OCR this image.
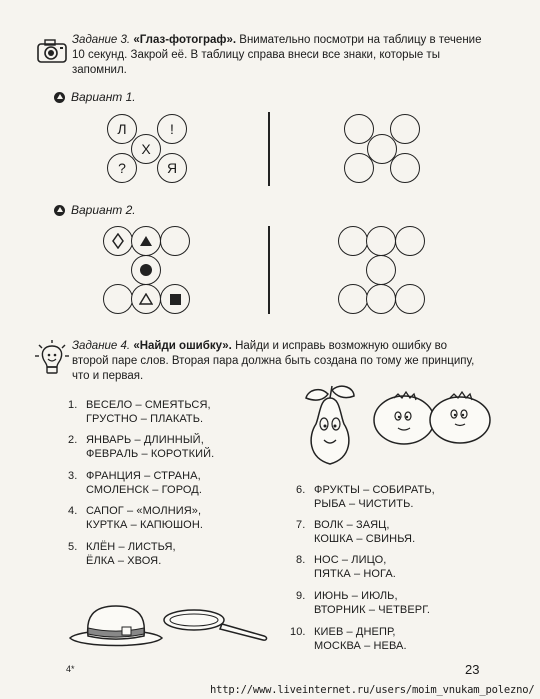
Задание 3. «Глаз-фотограф». Внимательно посмотри на таблицу в течение
10 секунд. Закрой её. В таблицу справа внеси все знаки, которые ты
запомнил.
Вариант 1.
Л	!
Х
?	Я
Вариант 2.
Задание 4. «Найди ошибку». Найди и исправь возможную ошибку во
второй паре слов. Вторая пара должна быть создана по тому же принципу,
что и первая.
1. ВЕСЕЛО – СМЕЯТЬСЯ,
ГРУСТНО – ПЛАКАТЬ.
2. ЯНВАРЬ – ДЛИННЫЙ,
ФЕВРАЛЬ – КОРОТКИЙ.
3. ФРАНЦИЯ – СТРАНА,
СМОЛЕНСК – ГОРОД.
4. САПОГ – «МОЛНИЯ»,
КУРТКА – КАПЮШОН.
5. КЛЁН – ЛИСТЬЯ,
ЁЛКА – ХВОЯ.
6. ФРУКТЫ – СОБИРАТЬ,
РЫБА – ЧИСТИТЬ.
7. ВОЛК – ЗАЯЦ,
КОШКА – СВИНЬЯ.
8. НОС – ЛИЦО,
ПЯТКА – НОГА.
9. ИЮНЬ – ИЮЛЬ,
ВТОРНИК – ЧЕТВЕРГ.
10. КИЕВ – ДНЕПР,
МОСКВА – НЕВА.
4*	23
http://www.liveinternet.ru/users/moim_vnukam_polezno/
